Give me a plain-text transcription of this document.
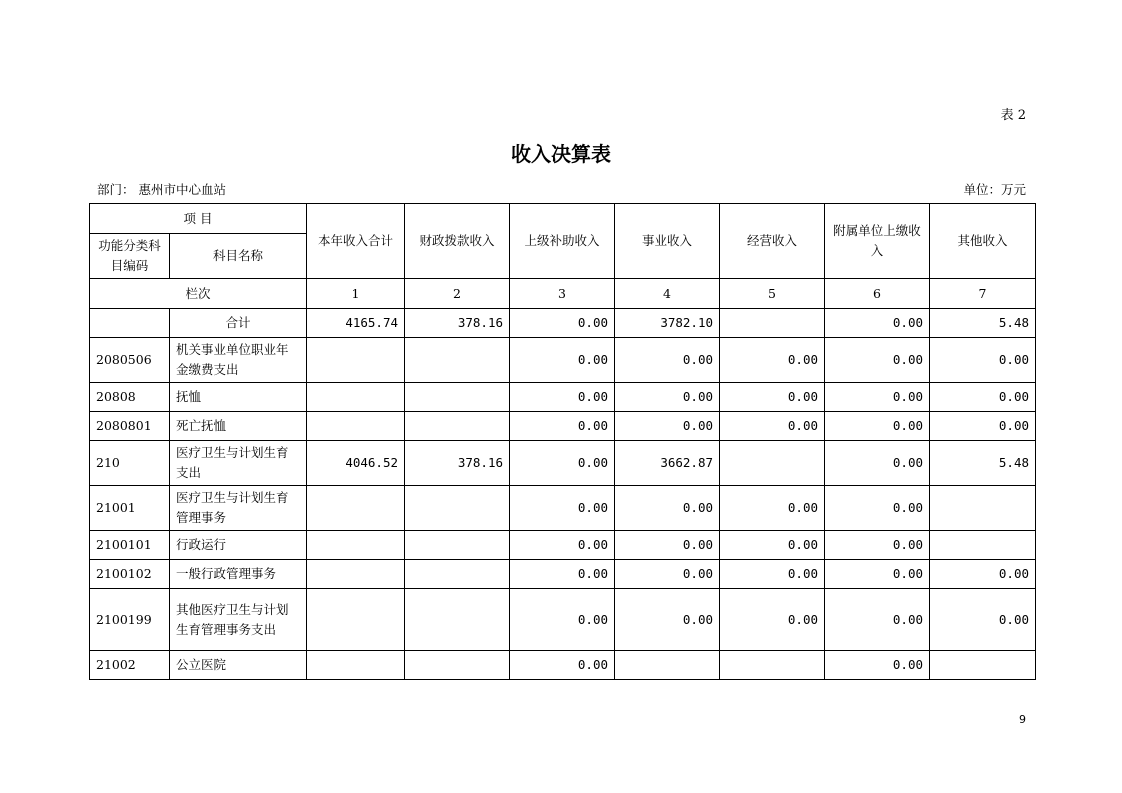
表 2
收入决算表
部门： 惠州市中心血站	单位：万元
项 目		本年收入合计	财政拨款收入	上级补助收入	事业收入	经营收入	附属单位上缴收入	其他收入
功能分类科目编码	科目名称							
栏次		1	2	3	4	5	6	7
	合计	4165.74	378.16	0.00	3782.10		0.00	5.48
2080506	机关事业单位职业年金缴费支出			0.00	0.00	0.00	0.00	0.00
20808	抚恤			0.00	0.00	0.00	0.00	0.00
2080801	死亡抚恤			0.00	0.00	0.00	0.00	0.00
210	医疗卫生与计划生育支出	4046.52	378.16	0.00	3662.87		0.00	5.48
21001	医疗卫生与计划生育管理事务			0.00	0.00	0.00	0.00	
2100101	行政运行			0.00	0.00	0.00	0.00	
2100102	一般行政管理事务			0.00	0.00	0.00	0.00	0.00
2100199	其他医疗卫生与计划生育管理事务支出			0.00	0.00	0.00	0.00	0.00
21002	公立医院			0.00			0.00	
9
